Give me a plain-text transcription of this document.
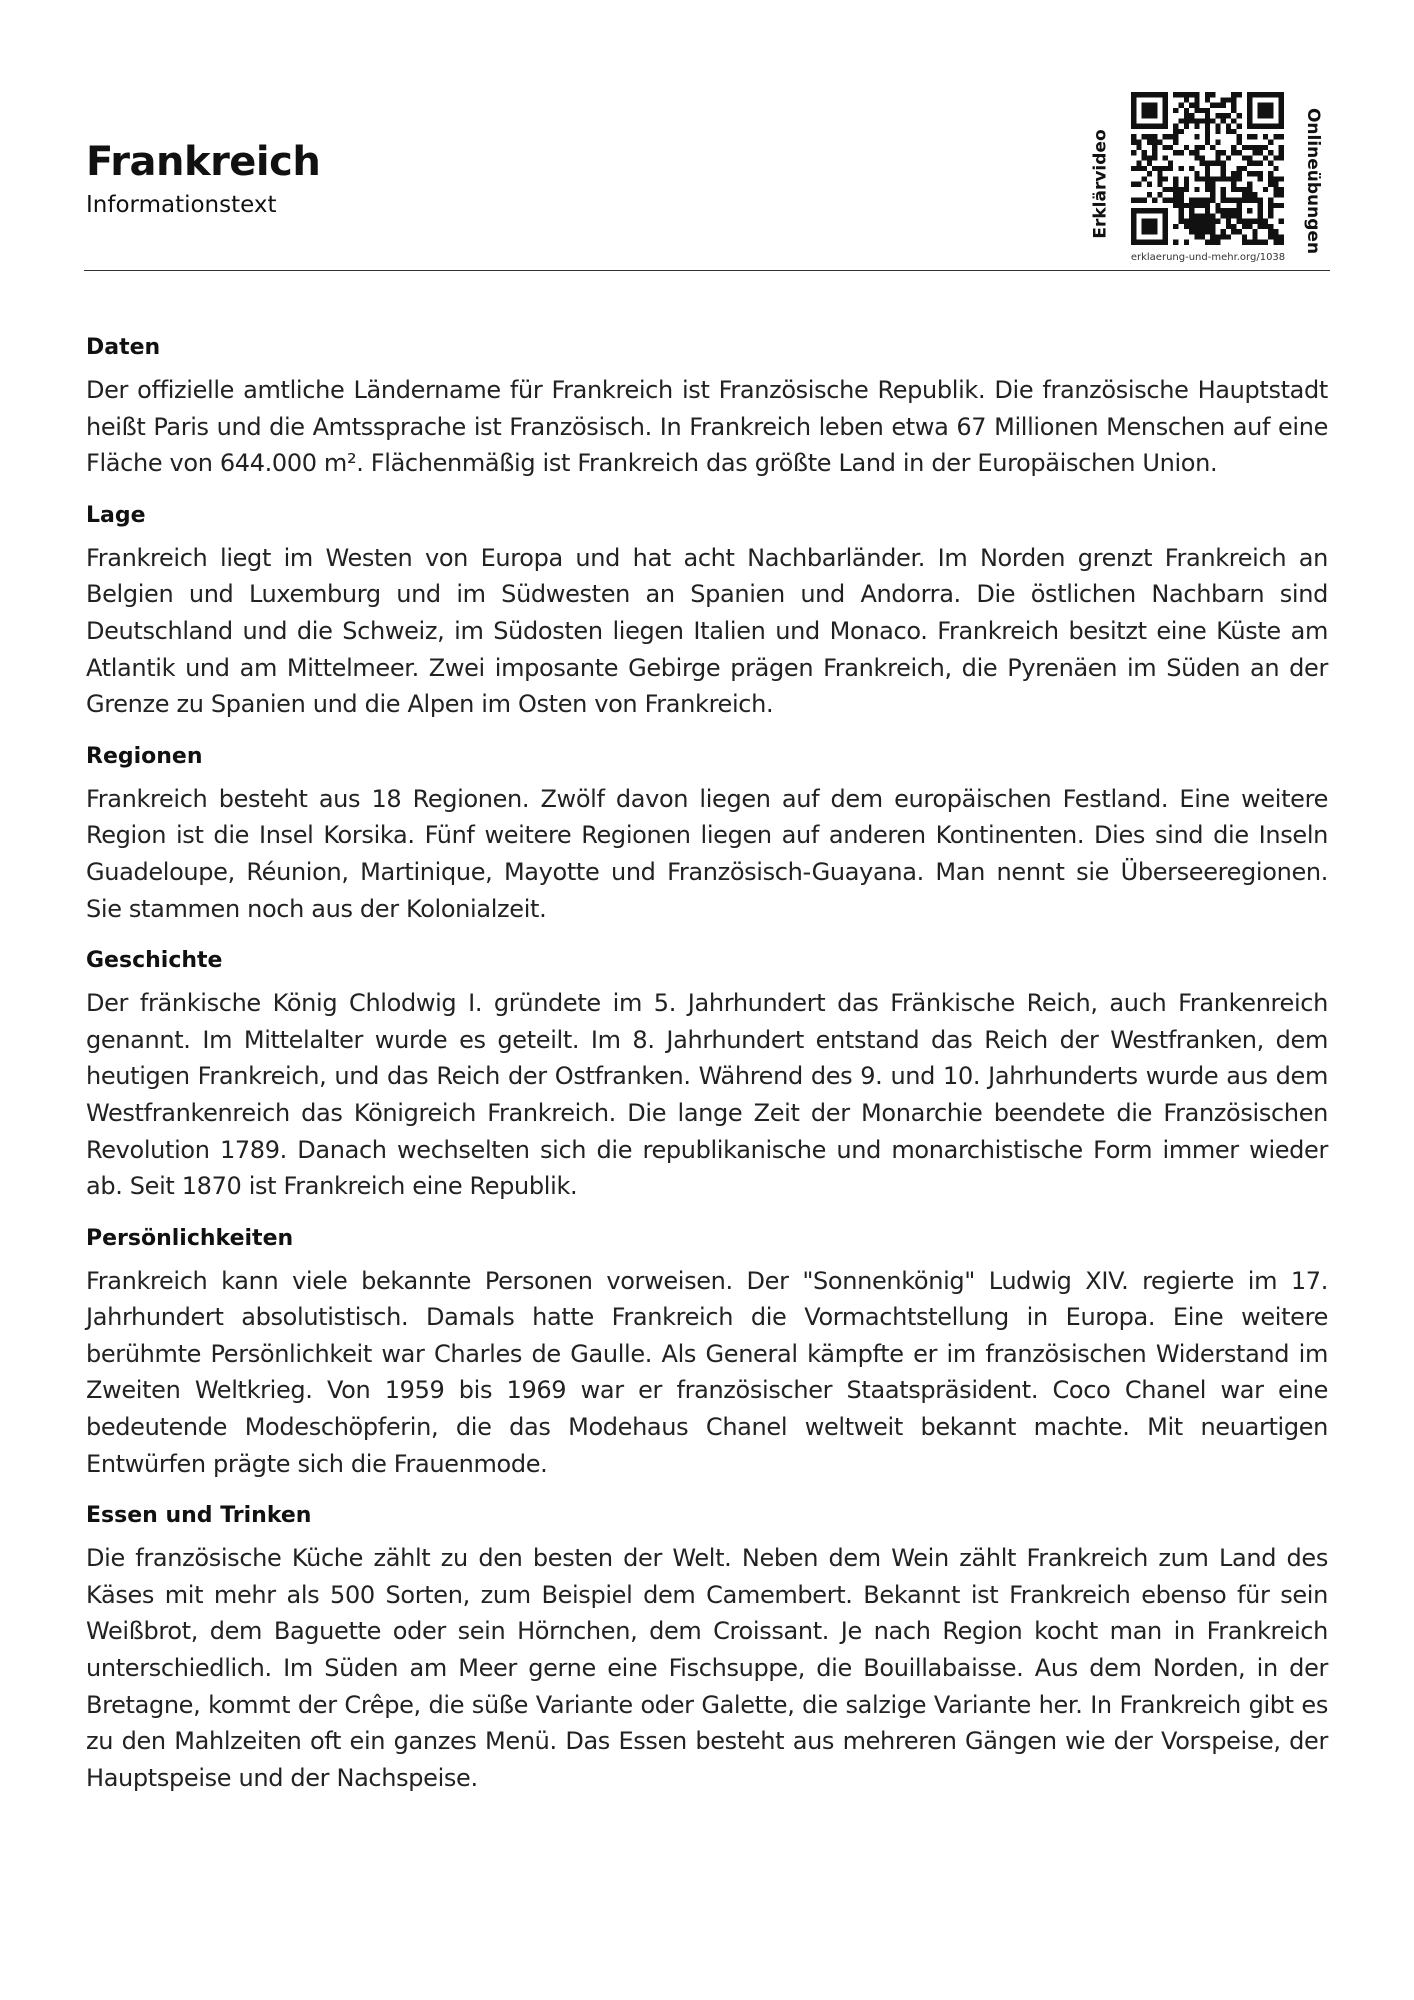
Frankreich
Informationstext	Erklärvideo	Onlineübungen
erklaerung-und-mehr.org/1038
Daten

Der offizielle amtliche Ländername für Frankreich ist Französische Republik. Die französische Hauptstadt heißt Paris und die Amtssprache ist Französisch. In Frankreich leben etwa 67 Millionen Menschen auf eine Fläche von 644.000 m². Flächenmäßig ist Frankreich das größte Land in der Europäischen Union.

Lage

Frankreich liegt im Westen von Europa und hat acht Nachbarländer. Im Norden grenzt Frankreich an Belgien und Luxemburg und im Südwesten an Spanien und Andorra. Die östlichen Nachbarn sind Deutschland und die Schweiz, im Südosten liegen Italien und Monaco. Frankreich besitzt eine Küste am Atlantik und am Mittelmeer. Zwei imposante Gebirge prägen Frankreich, die Pyrenäen im Süden an der Grenze zu Spanien und die Alpen im Osten von Frankreich.

Regionen

Frankreich besteht aus 18 Regionen. Zwölf davon liegen auf dem europäischen Festland. Eine weitere Region ist die Insel Korsika. Fünf weitere Regionen liegen auf anderen Kontinenten. Dies sind die Inseln Guadeloupe, Réunion, Martinique, Mayotte und Französisch-Guayana. Man nennt sie Überseeregionen. Sie stammen noch aus der Kolonialzeit.

Geschichte

Der fränkische König Chlodwig I. gründete im 5. Jahrhundert das Fränkische Reich, auch Frankenreich genannt. Im Mittelalter wurde es geteilt. Im 8. Jahrhundert entstand das Reich der Westfranken, dem heutigen Frankreich, und das Reich der Ostfranken. Während des 9. und 10. Jahrhunderts wurde aus dem Westfrankenreich das Königreich Frankreich. Die lange Zeit der Monarchie beendete die Französischen Revolution 1789. Danach wechselten sich die republikanische und monarchistische Form immer wieder ab. Seit 1870 ist Frankreich eine Republik.

Persönlichkeiten

Frankreich kann viele bekannte Personen vorweisen. Der "Sonnenkönig" Ludwig XIV. regierte im 17. Jahrhundert absolutistisch. Damals hatte Frankreich die Vormachtstellung in Europa. Eine weitere berühmte Persönlichkeit war Charles de Gaulle. Als General kämpfte er im französischen Widerstand im Zweiten Weltkrieg. Von 1959 bis 1969 war er französischer Staatspräsident. Coco Chanel war eine bedeutende Modeschöpferin, die das Modehaus Chanel weltweit bekannt machte. Mit neuartigen Entwürfen prägte sich die Frauenmode.

Essen und Trinken

Die französische Küche zählt zu den besten der Welt. Neben dem Wein zählt Frankreich zum Land des Käses mit mehr als 500 Sorten, zum Beispiel dem Camembert. Bekannt ist Frankreich ebenso für sein Weißbrot, dem Baguette oder sein Hörnchen, dem Croissant. Je nach Region kocht man in Frankreich unterschiedlich. Im Süden am Meer gerne eine Fischsuppe, die Bouillabaisse. Aus dem Norden, in der Bretagne, kommt der Crêpe, die süße Variante oder Galette, die salzige Variante her. In Frankreich gibt es zu den Mahlzeiten oft ein ganzes Menü. Das Essen besteht aus mehreren Gängen wie der Vorspeise, der Hauptspeise und der Nachspeise.
